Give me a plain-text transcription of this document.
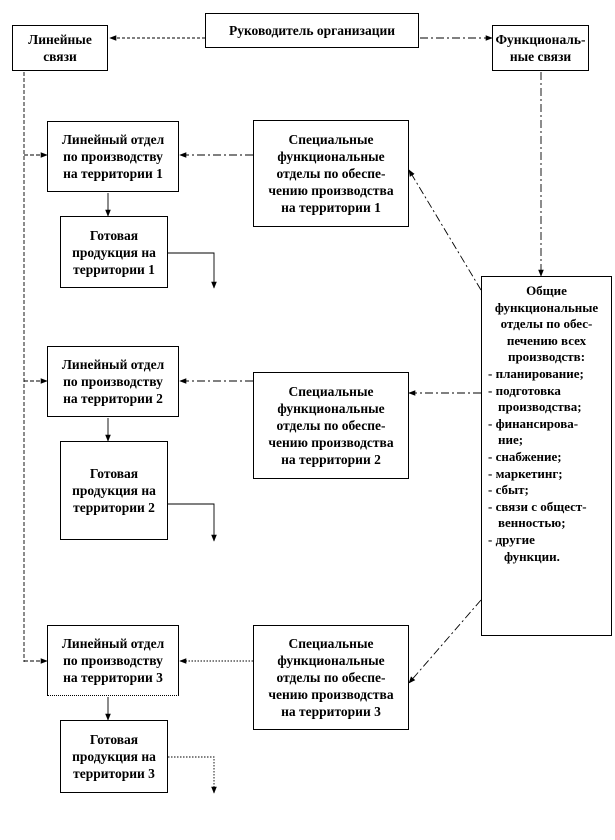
Руководитель организации
Линейные
связи
Функциональ-
ные связи
Линейный отдел
по производству
на территории 1
Готовая
продукция на
территории 1
Специальные
функциональные
отделы по обеспе-
чению производства
на территории 1
Линейный отдел
по производству
на территории 2
Готовая
продукция на
территории 2
Специальные
функциональные
отделы по обеспе-
чению производства
на территории 2
Линейный отдел
по производству
на территории 3
Готовая
продукция на
территории 3
Специальные
функциональные
отделы по обеспе-
чению производства
на территории 3
Общие
функциональные
отделы по обес-
печению всех
производств:
- планирование;
- подготовка
производства;
- финансирова-
ние;
- снабжение;
- маркетинг;
- сбыт;
- связи с общест-
венностью;
- другие
функции.
